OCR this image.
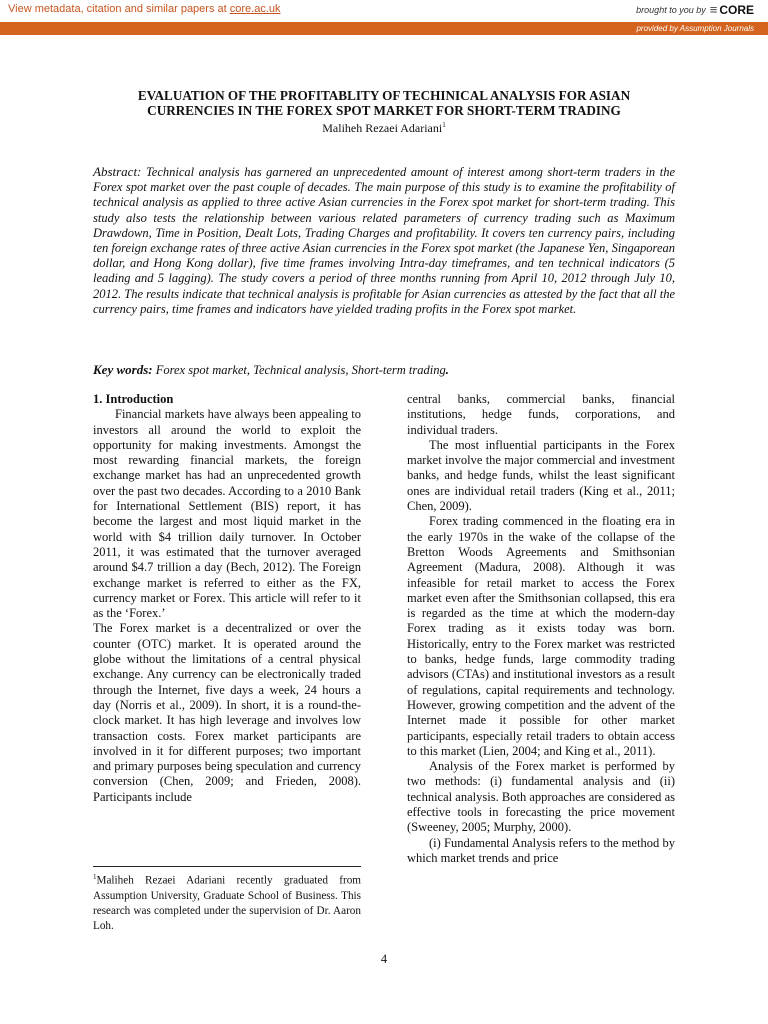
View metadata, citation and similar papers at core.ac.uk	brought to you by ≡ CORE
provided by Assumption Journals
EVALUATION OF THE PROFITABLITY OF TECHINICAL ANALYSIS FOR ASIAN
CURRENCIES IN THE FOREX SPOT MARKET FOR SHORT-TERM TRADING
Maliheh Rezaei Adariani$^1$

Abstract: Technical analysis has garnered an unprecedented amount of interest among short-term traders in the Forex spot market over the past couple of decades. The main purpose of this study is to examine the profitability of technical analysis as applied to three active Asian currencies in the Forex spot market for short-term trading. This study also tests the relationship between various related parameters of currency trading such as Maximum Drawdown, Time in Position, Dealt Lots, Trading Charges and profitability. It covers ten currency pairs, including ten foreign exchange rates of three active Asian currencies in the Forex spot market (the Japanese Yen, Singaporean dollar, and Hong Kong dollar), five time frames involving Intra-day timeframes, and ten technical indicators (5 leading and 5 lagging). The study covers a period of three months running from April 10, 2012 through July 10, 2012. The results indicate that technical analysis is profitable for Asian currencies as attested by the fact that all the currency pairs, time frames and indicators have yielded trading profits in the Forex spot market.

Key words: Forex spot market, Technical analysis, Short-term trading.

1. Introduction

Financial markets have always been appealing to investors all around the world to exploit the opportunity for making investments. Amongst the most rewarding financial markets, the foreign exchange market has had an unprecedented growth over the past two decades. According to a 2010 Bank for International Settlement (BIS) report, it has become the largest and most liquid market in the world with $4 trillion daily turnover. In October 2011, it was estimated that the turnover averaged around $4.7 trillion a day (Bech, 2012). The Foreign exchange market is referred to either as the FX, currency market or Forex. This article will refer to it as the ‘Forex.’

The Forex market is a decentralized or over the counter (OTC) market. It is operated around the globe without the limitations of a central physical exchange. Any currency can be electronically traded through the Internet, five days a week, 24 hours a day (Norris et al., 2009). In short, it is a round-the-clock market. It has high leverage and involves low transaction costs. Forex market participants are involved in it for different purposes; two important and primary purposes being speculation and currency conversion (Chen, 2009; and Frieden, 2008). Participants include

$^1$Maliheh Rezaei Adariani recently graduated from Assumption University, Graduate School of Business. This research was completed under the supervision of Dr. Aaron Loh.

central banks, commercial banks, financial institutions, hedge funds, corporations, and individual traders.

The most influential participants in the Forex market involve the major commercial and investment banks, and hedge funds, whilst the least significant ones are individual retail traders (King et al., 2011; Chen, 2009).

Forex trading commenced in the floating era in the early 1970s in the wake of the collapse of the Bretton Woods Agreements and Smithsonian Agreement (Madura, 2008). Although it was infeasible for retail market to access the Forex market even after the Smithsonian collapsed, this era is regarded as the time at which the modern-day Forex trading as it exists today was born. Historically, entry to the Forex market was restricted to banks, hedge funds, large commodity trading advisors (CTAs) and institutional investors as a result of regulations, capital requirements and technology. However, growing competition and the advent of the Internet made it possible for other market participants, especially retail traders to obtain access to this market (Lien, 2004; and King et al., 2011).

Analysis of the Forex market is performed by two methods: (i) fundamental analysis and (ii) technical analysis. Both approaches are considered as effective tools in forecasting the price movement (Sweeney, 2005; Murphy, 2000).

(i) Fundamental Analysis refers to the method by which market trends and price

4
